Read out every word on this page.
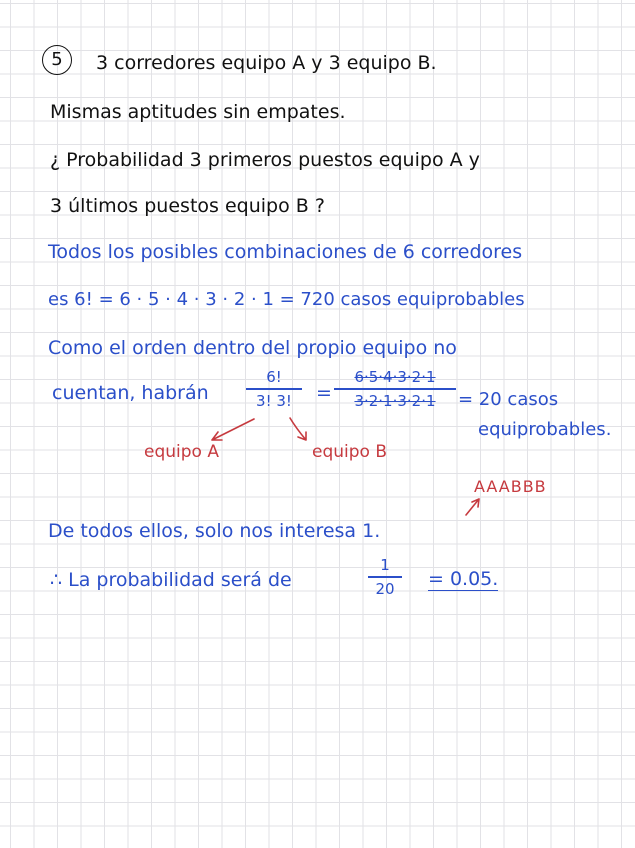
5	3 corredores equipo A y 3 equipo B.
Mismas aptitudes sin empates.
¿ Probabilidad 3 primeros puestos equipo A y
3 últimos puestos equipo B ?
Todos los posibles combinaciones de 6 corredores
es 6! = 6 · 5 · 4 · 3 · 2 · 1 = 720 casos equiprobables
Como el orden dentro del propio equipo no
cuentan, habrán
6!
3! 3!	=
6·5·4·3·2·1
3·2·1·3·2·1	= 20 casos
equiprobables.
equipo A	equipo B
AAABBB
De todos ellos, solo nos interesa 1.
∴ La probabilidad será de
1
20	= 0.05.
